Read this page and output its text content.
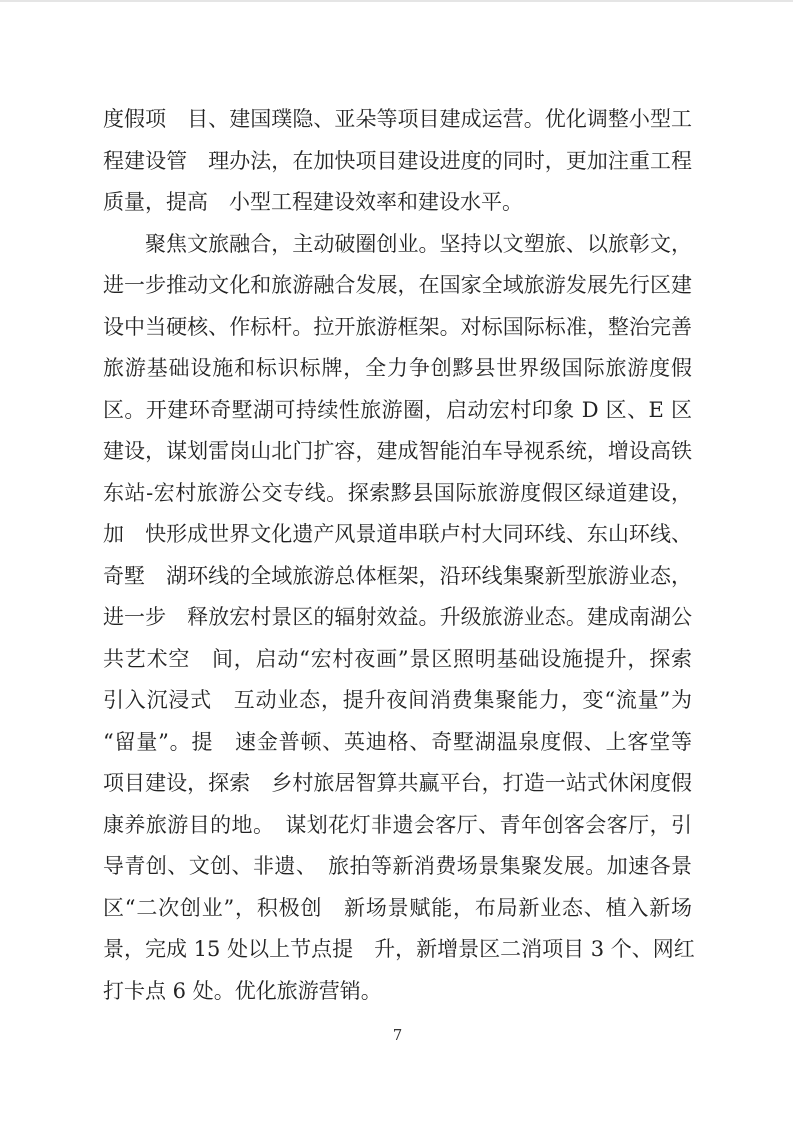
度假项　目、建国璞隐、亚朵等项目建成运营。优化调整小型工
程建设管　理办法，在加快项目建设进度的同时，更加注重工程
质量，提高　小型工程建设效率和建设水平。
聚焦文旅融合，主动破圈创业。坚持以文塑旅、以旅彰文，
进一步推动文化和旅游融合发展，在国家全域旅游发展先行区建
设中当硬核、作标杆。拉开旅游框架。对标国际标准，整治完善
旅游基础设施和标识标牌，全力争创黟县世界级国际旅游度假
区。开建环奇墅湖可持续性旅游圈，启动宏村印象 D 区、E 区
建设，谋划雷岗山北门扩容，建成智能泊车导视系统，增设高铁
东站-宏村旅游公交专线。探索黟县国际旅游度假区绿道建设，
加　快形成世界文化遗产风景道串联卢村大同环线、东山环线、
奇墅　湖环线的全域旅游总体框架，沿环线集聚新型旅游业态，
进一步　释放宏村景区的辐射效益。升级旅游业态。建成南湖公
共艺术空　间，启动“宏村夜画”景区照明基础设施提升，探索
引入沉浸式　互动业态，提升夜间消费集聚能力，变“流量”为
“留量”。提　速金普顿、英迪格、奇墅湖温泉度假、上客堂等
项目建设，探索　乡村旅居智算共赢平台，打造一站式休闲度假
康养旅游目的地。　谋划花灯非遗会客厅、青年创客会客厅，引
导青创、文创、非遗、　旅拍等新消费场景集聚发展。加速各景
区“二次创业”，积极创　新场景赋能，布局新业态、植入新场
景，完成 15 处以上节点提　升，新增景区二消项目 3 个、网红
打卡点 6 处。优化旅游营销。
7
